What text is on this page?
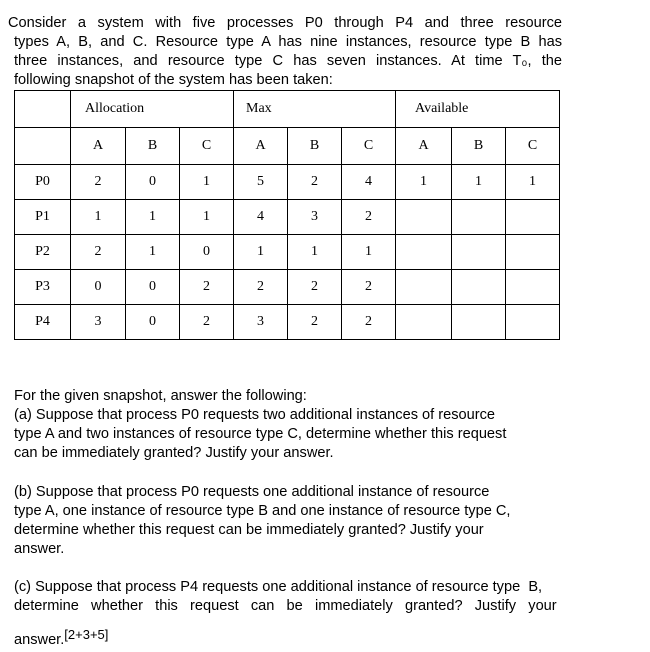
Consider a system with five processes P0 through P4 and three resource
types A, B, and C. Resource type A has nine instances, resource type B has
three instances, and resource type C has seven instances. At time T₀, the
following snapshot of the system has been taken:
	Allocation			Max			Available		
	A	B	C	A	B	C	A	B	C
P0	2	0	1	5	2	4	1	1	1
P1	1	1	1	4	3	2			
P2	2	1	0	1	1	1			
P3	0	0	2	2	2	2			
P4	3	0	2	3	2	2			
For the given snapshot, answer the following:
(a) Suppose that process P0 requests two additional instances of resource
type A and two instances of resource type C, determine whether this request
can be immediately granted? Justify your answer.
(b) Suppose that process P0 requests one additional instance of resource
type A, one instance of resource type B and one instance of resource type C,
determine whether this request can be immediately granted? Justify your
answer.
(c) Suppose that process P4 requests one additional instance of resource type  B,
determine   whether   this   request   can   be   immediately   granted?   Justify   your
answer.[2+3+5]
